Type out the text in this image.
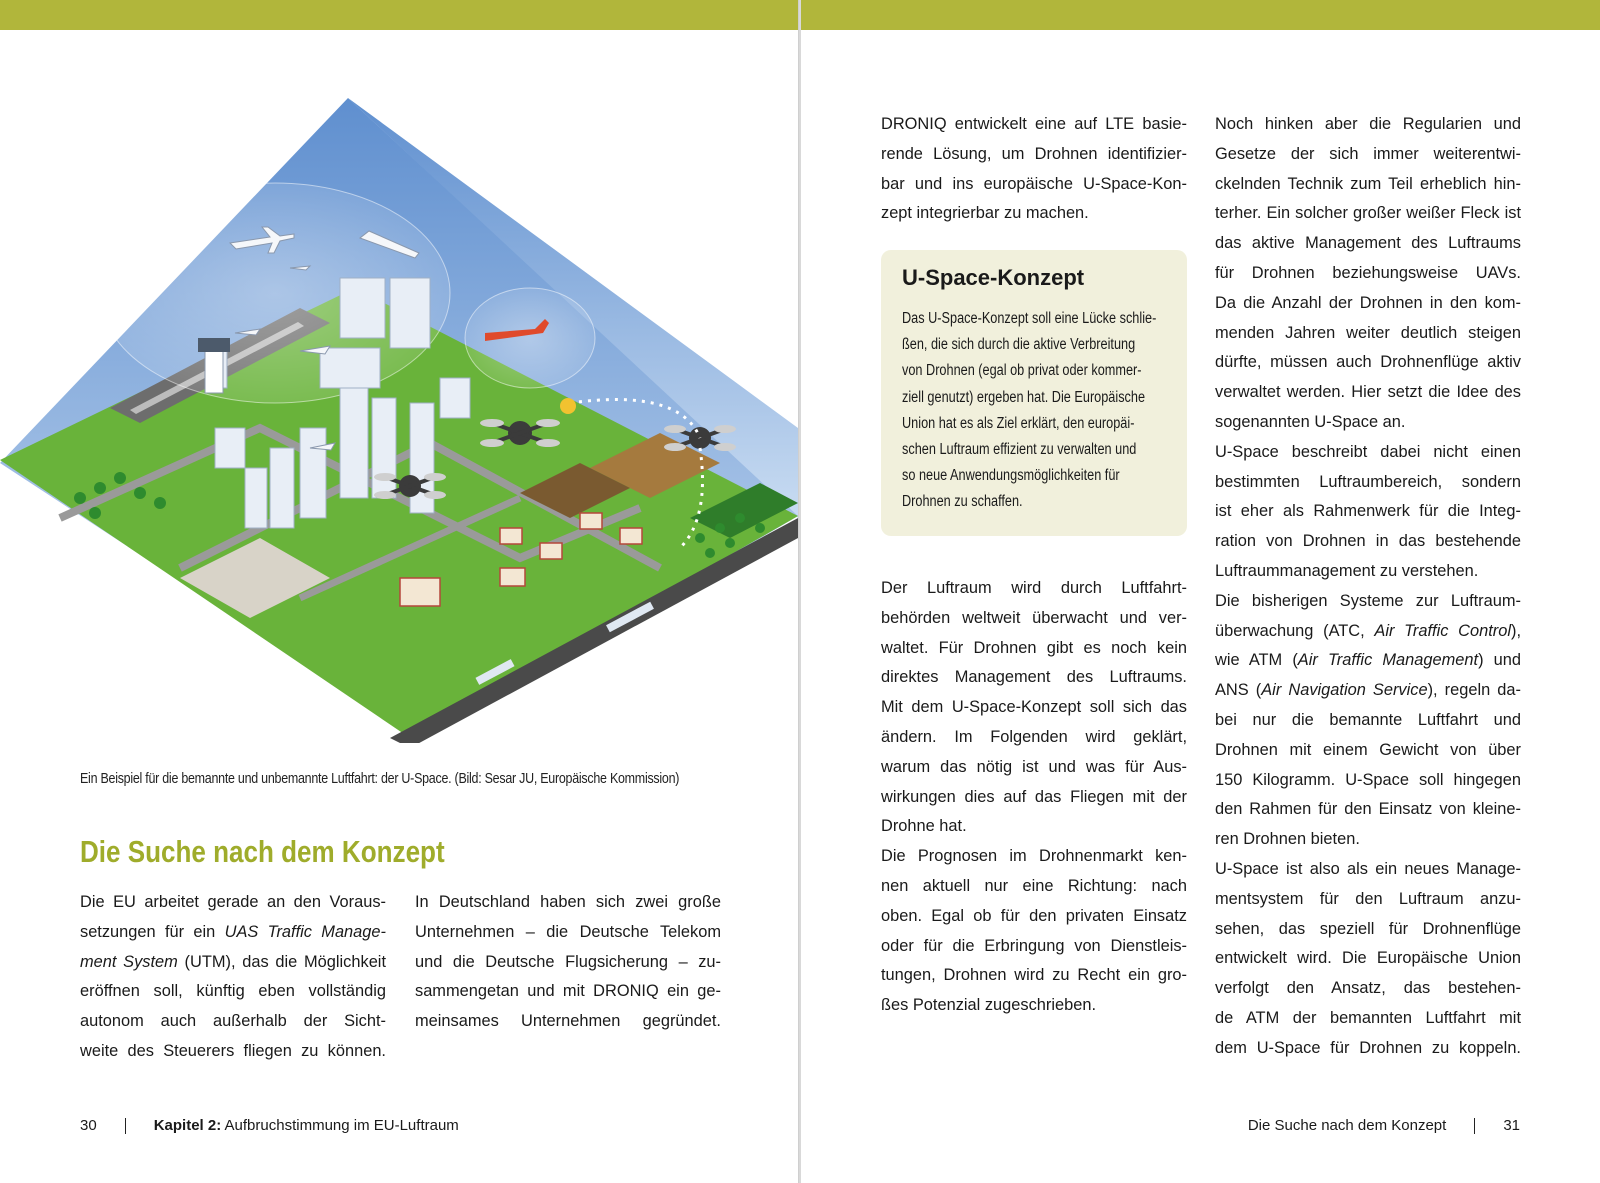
Ein Beispiel für die bemannte und unbemannte Luftfahrt: der U-Space. (Bild: Sesar JU, Europäische Kommission)
Die Suche nach dem Konzept

Die EU arbeitet gerade an den Voraus-

setzungen für ein UAS Traffic Manage-

ment System (UTM), das die Möglichkeit

eröffnen soll, künftig eben vollständig

autonom auch außerhalb der Sicht-

weite des Steuerers fliegen zu können.

In Deutschland haben sich zwei große

Unternehmen – die Deutsche Telekom

und die Deutsche Flugsicherung – zu-

sammengetan und mit DRONIQ ein ge-

meinsames Unternehmen gegründet.

30	Kapitel 2: Aufbruchstimmung im EU-Luftraum

DRONIQ entwickelt eine auf LTE basie-

rende Lösung, um Drohnen identifizier-

bar und ins europäische U-Space-Kon-

zept integrierbar zu machen.

U-Space-Konzept
Das U-Space-Konzept soll eine Lücke schlie-
ßen, die sich durch die aktive Verbreitung
von Drohnen (egal ob privat oder kommer-
ziell genutzt) ergeben hat. Die Europäische
Union hat es als Ziel erklärt, den europäi-
schen Luftraum effizient zu verwalten und
so neue Anwendungsmöglichkeiten für
Drohnen zu schaffen.

Der Luftraum wird durch Luftfahrt-

behörden weltweit überwacht und ver-

waltet. Für Drohnen gibt es noch kein

direktes Management des Luftraums.

Mit dem U-Space-Konzept soll sich das

ändern. Im Folgenden wird geklärt,

warum das nötig ist und was für Aus-

wirkungen dies auf das Fliegen mit der

Drohne hat.

Die Prognosen im Drohnenmarkt ken-

nen aktuell nur eine Richtung: nach

oben. Egal ob für den privaten Einsatz

oder für die Erbringung von Dienstleis-

tungen, Drohnen wird zu Recht ein gro-

ßes Potenzial zugeschrieben.

Noch hinken aber die Regularien und

Gesetze der sich immer weiterentwi-

ckelnden Technik zum Teil erheblich hin-

terher. Ein solcher großer weißer Fleck ist

das aktive Management des Luftraums

für Drohnen beziehungsweise UAVs.

Da die Anzahl der Drohnen in den kom-

menden Jahren weiter deutlich steigen

dürfte, müssen auch Drohnenflüge aktiv

verwaltet werden. Hier setzt die Idee des

sogenannten U-Space an.

U-Space beschreibt dabei nicht einen

bestimmten Luftraumbereich, sondern

ist eher als Rahmenwerk für die Integ-

ration von Drohnen in das bestehende

Luftraummanagement zu verstehen.

Die bisherigen Systeme zur Luftraum-

überwachung (ATC, Air Traffic Control),

wie ATM (Air Traffic Management) und

ANS (Air Navigation Service), regeln da-

bei nur die bemannte Luftfahrt und

Drohnen mit einem Gewicht von über

150 Kilogramm. U-Space soll hingegen

den Rahmen für den Einsatz von kleine-

ren Drohnen bieten.

U-Space ist also als ein neues Manage-

mentsystem für den Luftraum anzu-

sehen, das speziell für Drohnenflüge

entwickelt wird. Die Europäische Union

verfolgt den Ansatz, das bestehen-

de ATM der bemannten Luftfahrt mit

dem U-Space für Drohnen zu koppeln.

Die Suche nach dem Konzept	31
